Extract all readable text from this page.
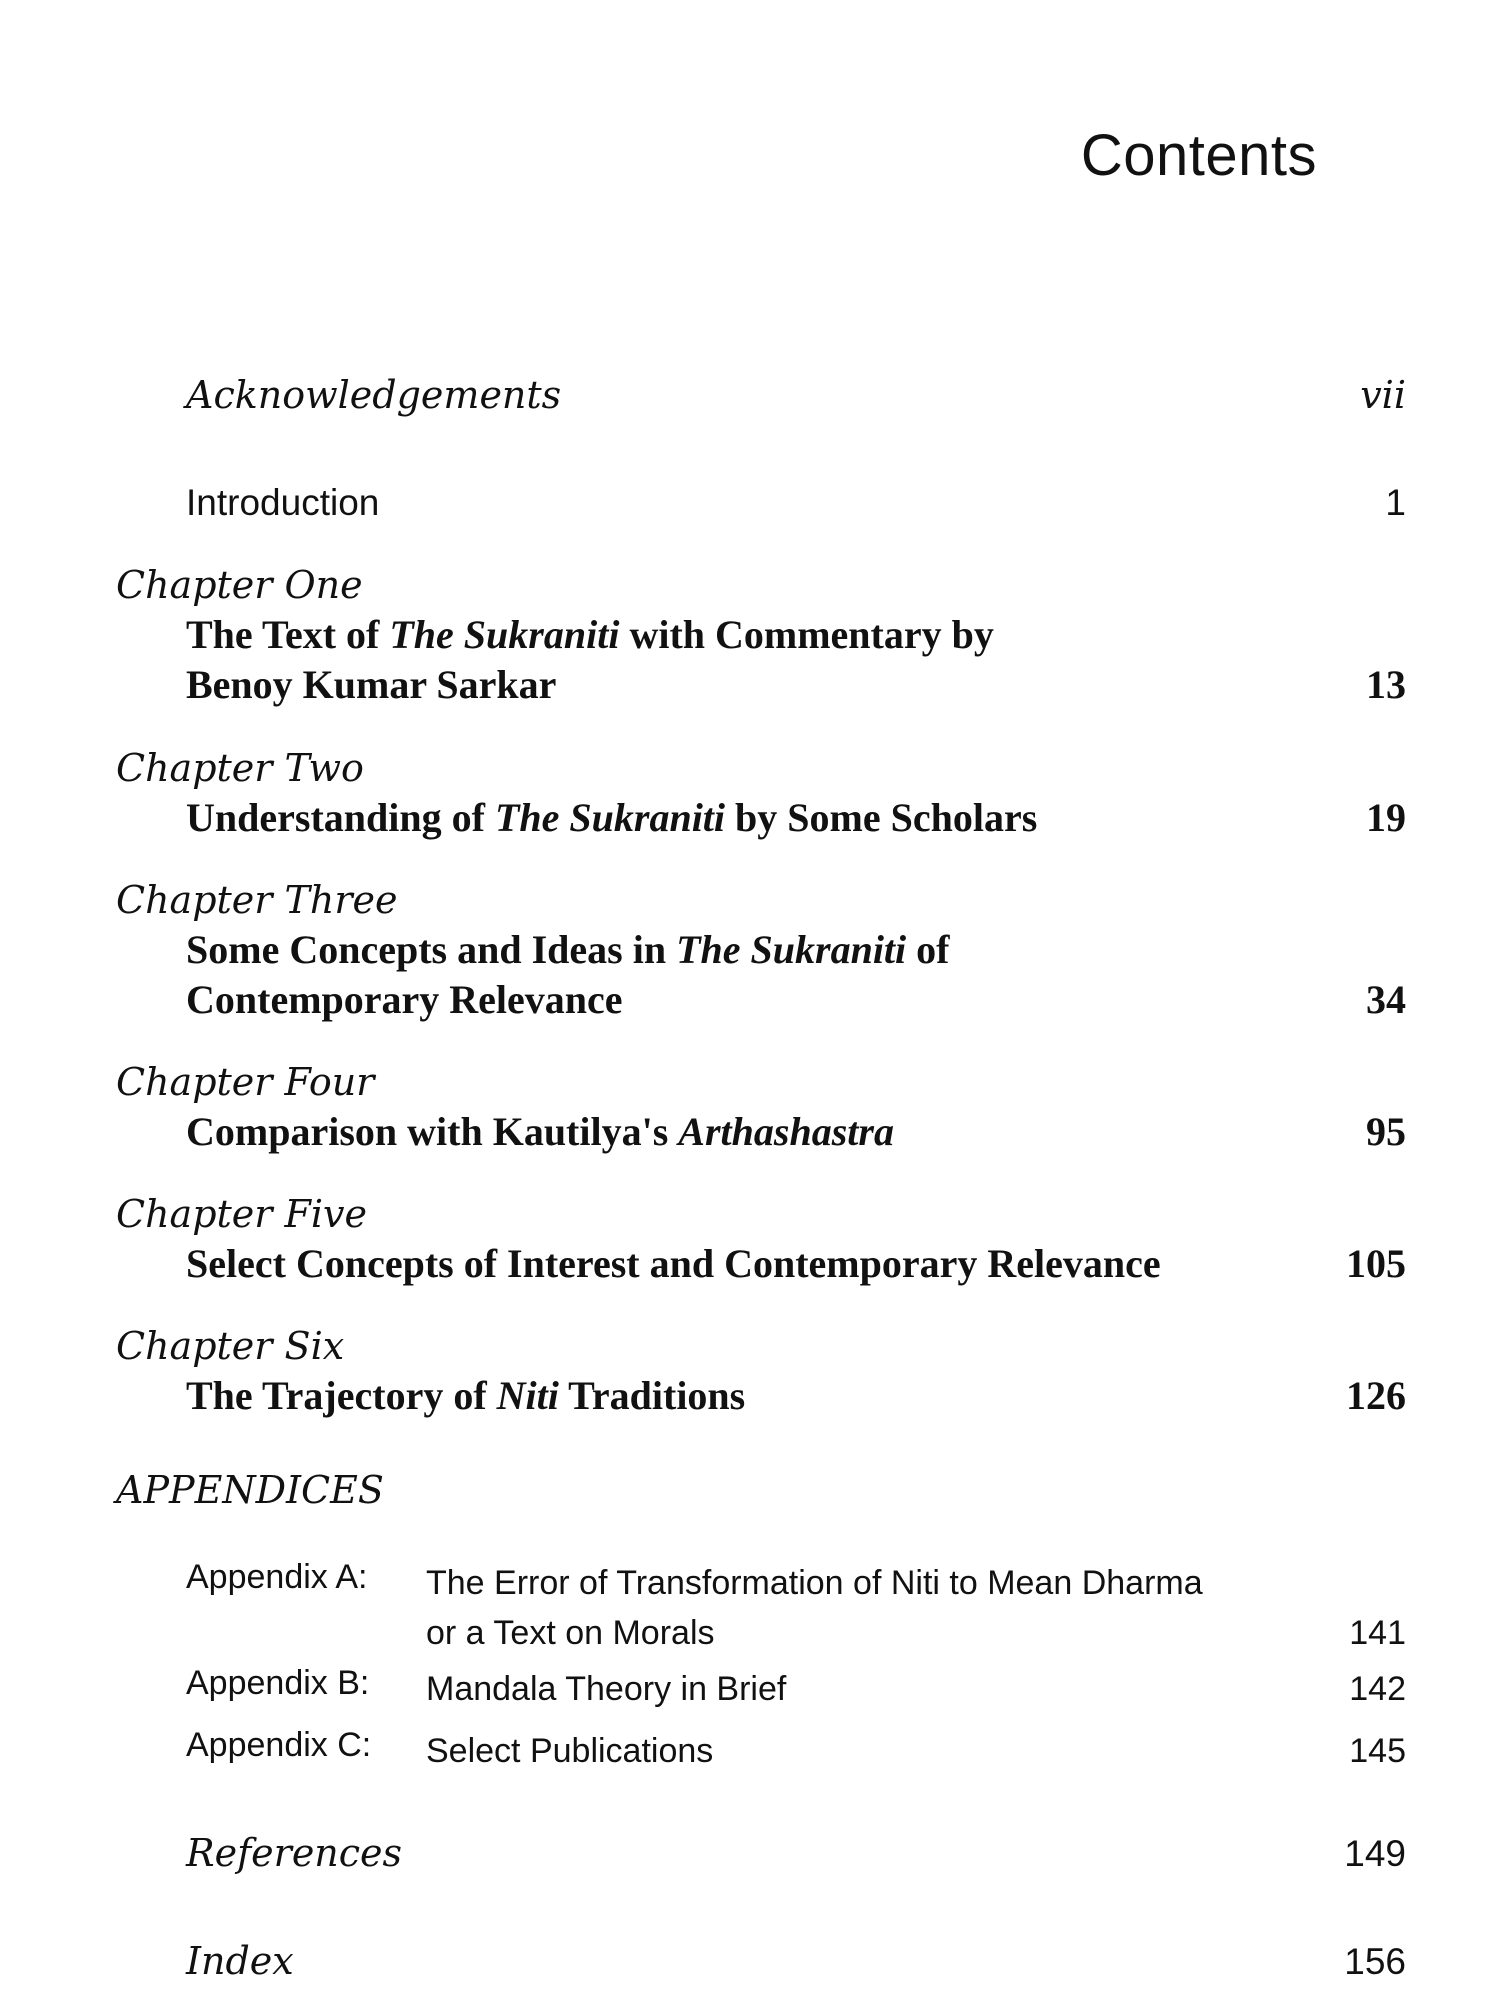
Contents
Acknowledgements	vii
Introduction	1
Chapter One
The Text of The Sukraniti with Commentary by
Benoy Kumar Sarkar	13
Chapter Two
Understanding of The Sukraniti by Some Scholars	19
Chapter Three
Some Concepts and Ideas in The Sukraniti of
Contemporary Relevance	34
Chapter Four
Comparison with Kautilya's Arthashastra	95
Chapter Five
Select Concepts of Interest and Contemporary Relevance	105
Chapter Six
The Trajectory of Niti Traditions	126
APPENDICES
Appendix A:	The Error of Transformation of Niti to Mean Dharma
or a Text on Morals	141
Appendix B:	Mandala Theory in Brief	142
Appendix C:	Select Publications	145
References	149
Index	156
